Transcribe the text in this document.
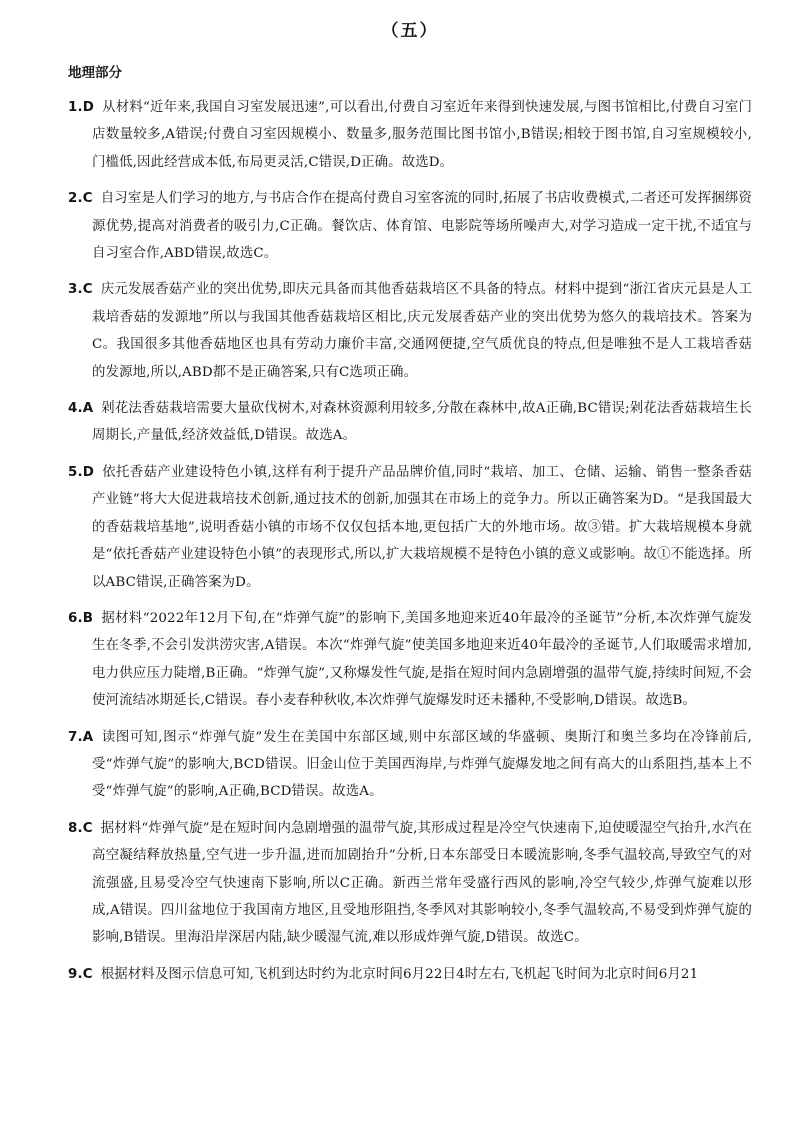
（五）
地理部分

1.D 从材料“近年来,我国自习室发展迅速”,可以看出,付费自习室近年来得到快速发展,与图书馆相比,付费自习室门店数量较多,A错误;付费自习室因规模小、数量多,服务范围比图书馆小,B错误;相较于图书馆,自习室规模较小,门槛低,因此经营成本低,布局更灵活,C错误,D正确。故选D。

2.C 自习室是人们学习的地方,与书店合作在提高付费自习室客流的同时,拓展了书店收费模式,二者还可发挥捆绑资源优势,提高对消费者的吸引力,C正确。餐饮店、体育馆、电影院等场所噪声大,对学习造成一定干扰,不适宜与自习室合作,ABD错误,故选C。

3.C 庆元发展香菇产业的突出优势,即庆元具备而其他香菇栽培区不具备的特点。材料中提到“浙江省庆元县是人工栽培香菇的发源地”所以与我国其他香菇栽培区相比,庆元发展香菇产业的突出优势为悠久的栽培技术。答案为C。我国很多其他香菇地区也具有劳动力廉价丰富,交通网便捷,空气质优良的特点,但是唯独不是人工栽培香菇的发源地,所以,ABD都不是正确答案,只有C选项正确。

4.A 剁花法香菇栽培需要大量砍伐树木,对森林资源利用较多,分散在森林中,故A正确,BC错误;剁花法香菇栽培生长周期长,产量低,经济效益低,D错误。故选A。

5.D 依托香菇产业建设特色小镇,这样有利于提升产品品牌价值,同时“栽培、加工、仓储、运输、销售一整条香菇产业链”将大大促进栽培技术创新,通过技术的创新,加强其在市场上的竞争力。所以正确答案为D。“是我国最大的香菇栽培基地”,说明香菇小镇的市场不仅仅包括本地,更包括广大的外地市场。故③错。扩大栽培规模本身就是“依托香菇产业建设特色小镇”的表现形式,所以,扩大栽培规模不是特色小镇的意义或影响。故①不能选择。所以ABC错误,正确答案为D。

6.B 据材料“2022年12月下旬,在“炸弹气旋”的影响下,美国多地迎来近40年最冷的圣诞节”分析,本次炸弹气旋发生在冬季,不会引发洪涝灾害,A错误。本次“炸弹气旋”使美国多地迎来近40年最冷的圣诞节,人们取暖需求增加,电力供应压力陡增,B正确。“炸弹气旋”,又称爆发性气旋,是指在短时间内急剧增强的温带气旋,持续时间短,不会使河流结冰期延长,C错误。春小麦春种秋收,本次炸弹气旋爆发时还未播种,不受影响,D错误。故选B。

7.A 读图可知,图示“炸弹气旋”发生在美国中东部区域,则中东部区域的华盛顿、奥斯汀和奥兰多均在冷锋前后,受“炸弹气旋”的影响大,BCD错误。旧金山位于美国西海岸,与炸弹气旋爆发地之间有高大的山系阻挡,基本上不受“炸弹气旋”的影响,A正确,BCD错误。故选A。

8.C 据材料“炸弹气旋”是在短时间内急剧增强的温带气旋,其形成过程是冷空气快速南下,迫使暖湿空气抬升,水汽在高空凝结释放热量,空气进一步升温,进而加剧抬升”分析,日本东部受日本暖流影响,冬季气温较高,导致空气的对流强盛,且易受冷空气快速南下影响,所以C正确。新西兰常年受盛行西风的影响,冷空气较少,炸弹气旋难以形成,A错误。四川盆地位于我国南方地区,且受地形阻挡,冬季风对其影响较小,冬季气温较高,不易受到炸弹气旋的影响,B错误。里海沿岸深居内陆,缺少暖湿气流,难以形成炸弹气旋,D错误。故选C。

9.C 根据材料及图示信息可知,飞机到达时约为北京时间6月22日4时左右,飞机起飞时间为北京时间6月21
